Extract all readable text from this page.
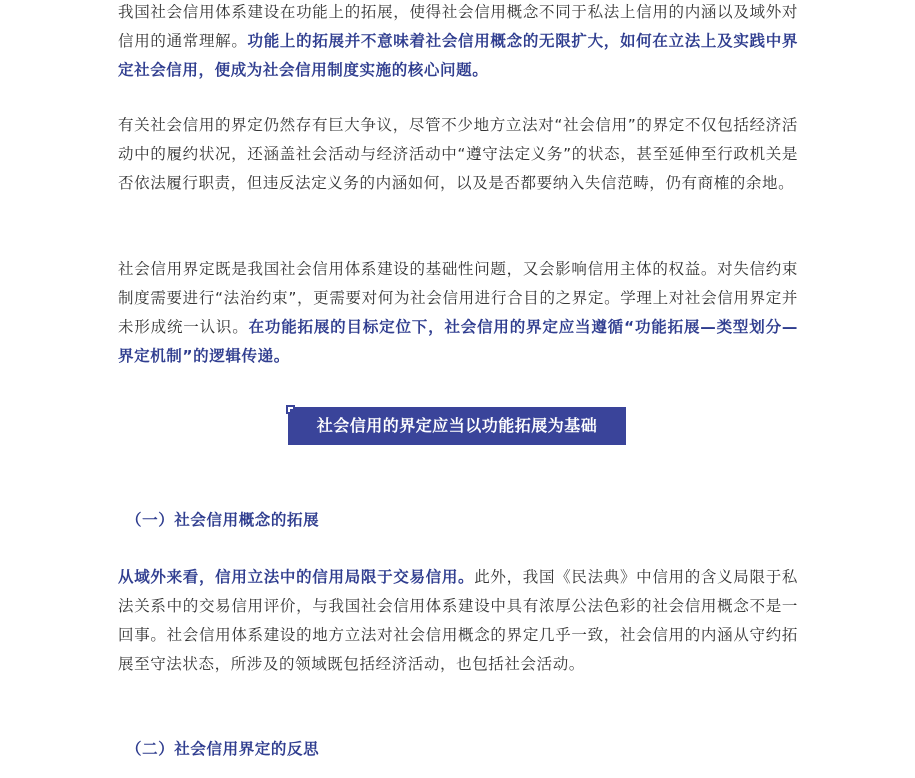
我国社会信用体系建设在功能上的拓展，使得社会信用概念不同于私法上信用的内涵以及域外对信用的通常理解。功能上的拓展并不意味着社会信用概念的无限扩大，如何在立法上及实践中界定社会信用，便成为社会信用制度实施的核心问题。

有关社会信用的界定仍然存有巨大争议，尽管不少地方立法对“社会信用”的界定不仅包括经济活动中的履约状况，还涵盖社会活动与经济活动中“遵守法定义务”的状态，甚至延伸至行政机关是否依法履行职责，但违反法定义务的内涵如何，以及是否都要纳入失信范畴，仍有商榷的余地。

社会信用界定既是我国社会信用体系建设的基础性问题，又会影响信用主体的权益。对失信约束制度需要进行“法治约束”，更需要对何为社会信用进行合目的之界定。学理上对社会信用界定并未形成统一认识。在功能拓展的目标定位下，社会信用的界定应当遵循“功能拓展—类型划分—界定机制”的逻辑传递。

社会信用的界定应当以功能拓展为基础
（一）社会信用概念的拓展

从域外来看，信用立法中的信用局限于交易信用。此外，我国《民法典》中信用的含义局限于私法关系中的交易信用评价，与我国社会信用体系建设中具有浓厚公法色彩的社会信用概念不是一回事。社会信用体系建设的地方立法对社会信用概念的界定几乎一致，社会信用的内涵从守约拓展至守法状态，所涉及的领域既包括经济活动，也包括社会活动。

（二）社会信用界定的反思
